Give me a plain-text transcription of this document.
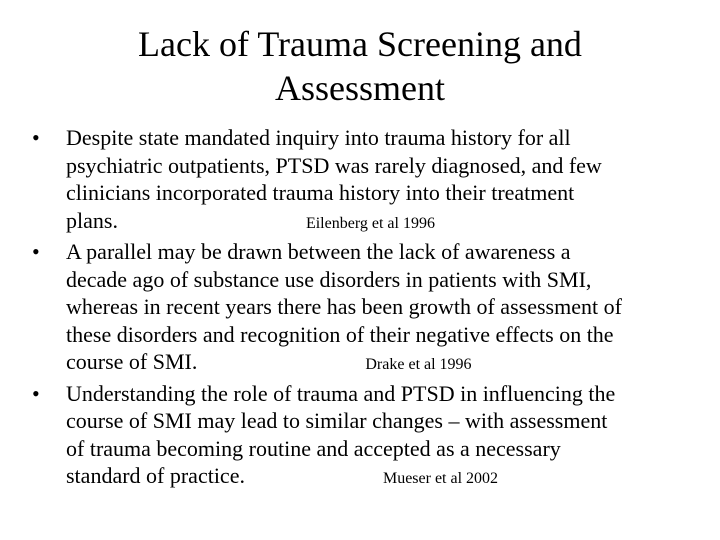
Lack of Trauma Screening and
Assessment
•	Despite state mandated inquiry into trauma history for all
psychiatric outpatients, PTSD was rarely diagnosed, and few
clinicians incorporated trauma history into their treatment
plans.	Eilenberg et al 1996
•	A parallel may be drawn between the lack of awareness a
decade ago of substance use disorders in patients with SMI,
whereas in recent years there has been growth of assessment of
these disorders and recognition of their negative effects on the
course of SMI.	Drake et al 1996
•	Understanding the role of trauma and PTSD in influencing the
course of SMI may lead to similar changes – with assessment
of trauma becoming routine and accepted as a necessary
standard of practice.	Mueser et al 2002
